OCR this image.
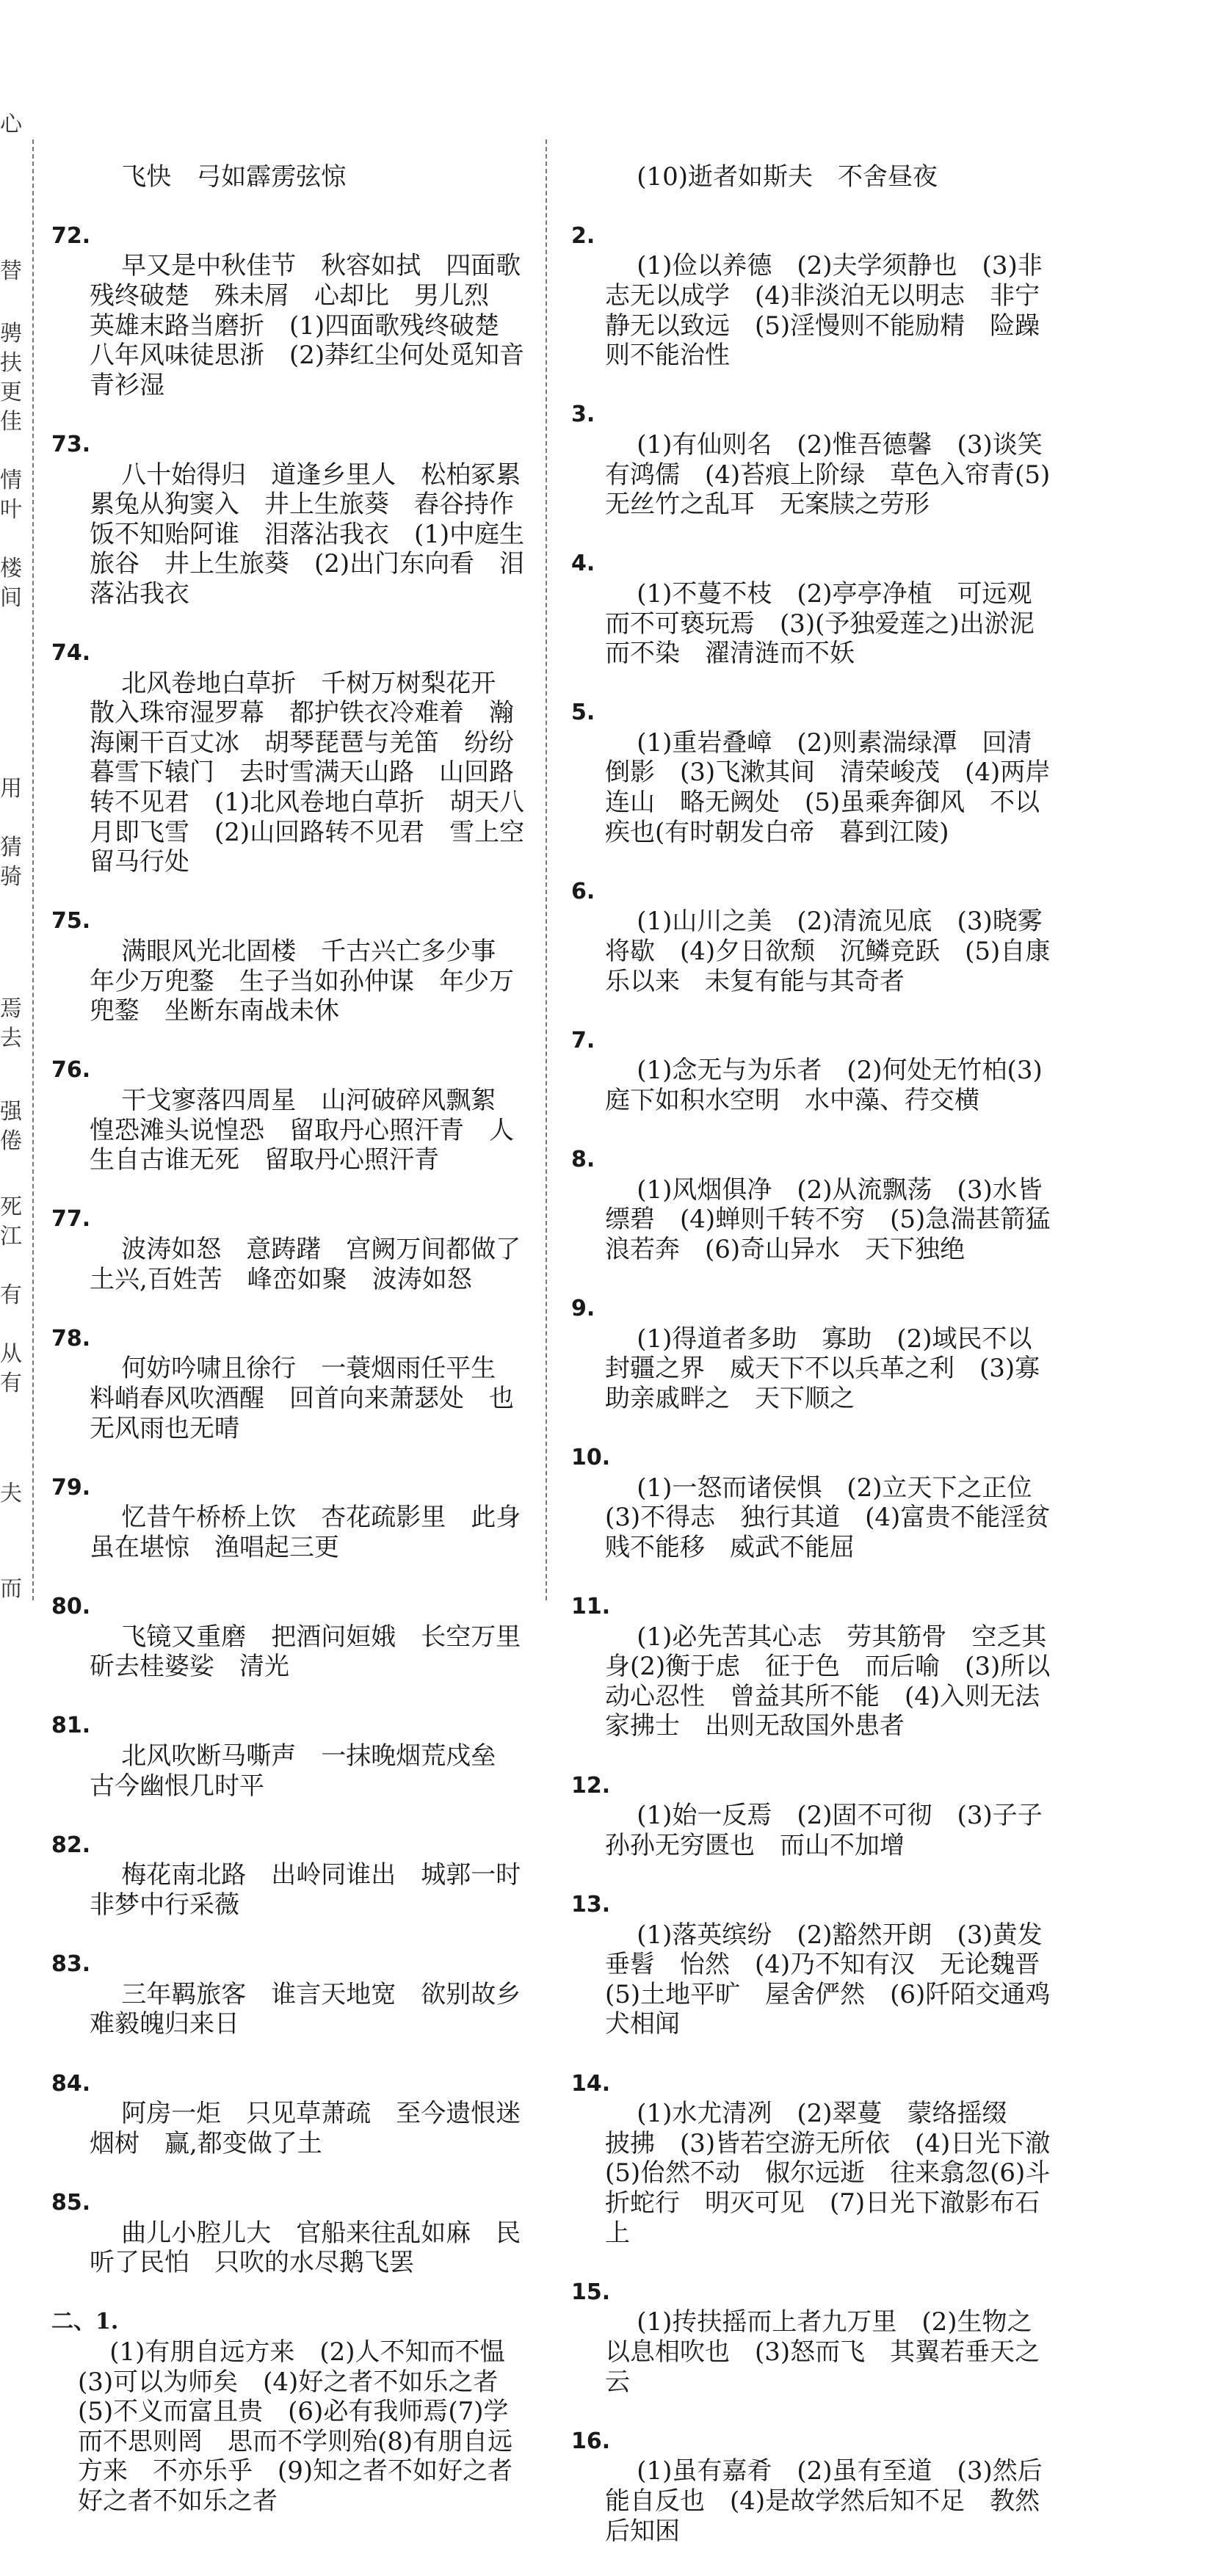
心
替
骋
扶
更
佳
情
叶
楼
间
用
猜
骑
焉
去
强
倦
死
江
有
从
有
夫
而

飞快　弓如霹雳弦惊

72.
早又是中秋佳节　秋容如拭　四面歌残终破楚　殊未屑　心却比　男儿烈　英雄末路当磨折　(1)四面歌残终破楚　八年风味徒思浙　(2)莽红尘何处觅知音青衫湿

73.
八十始得归　道逢乡里人　松柏冢累累兔从狗窦入　井上生旅葵　舂谷持作饭不知贻阿谁　泪落沾我衣　(1)中庭生旅谷　井上生旅葵　(2)出门东向看　泪落沾我衣

74.
北风卷地白草折　千树万树梨花开　散入珠帘湿罗幕　都护铁衣冷难着　瀚海阑干百丈冰　胡琴琵琶与羌笛　纷纷暮雪下辕门　去时雪满天山路　山回路转不见君　(1)北风卷地白草折　胡天八月即飞雪　(2)山回路转不见君　雪上空留马行处

75.
满眼风光北固楼　千古兴亡多少事　年少万兜鍪　生子当如孙仲谋　年少万兜鍪　坐断东南战未休

76.
干戈寥落四周星　山河破碎风飘絮　惶恐滩头说惶恐　留取丹心照汗青　人生自古谁无死　留取丹心照汗青

77.
波涛如怒　意踌躇　宫阙万间都做了土兴,百姓苦　峰峦如聚　波涛如怒

78.
何妨吟啸且徐行　一蓑烟雨任平生　料峭春风吹酒醒　回首向来萧瑟处　也无风雨也无晴

79.
忆昔午桥桥上饮　杏花疏影里　此身虽在堪惊　渔唱起三更

80.
飞镜又重磨　把酒问姮娥　长空万里斫去桂婆娑　清光

81.
北风吹断马嘶声　一抹晚烟荒戍垒　古今幽恨几时平

82.
梅花南北路　出岭同谁出　城郭一时非梦中行采薇

83.
三年羁旅客　谁言天地宽　欲别故乡难毅魄归来日

84.
阿房一炬　只见草萧疏　至今遗恨迷烟树　赢,都变做了土

85.
曲儿小腔儿大　官船来往乱如麻　民听了民怕　只吹的水尽鹅飞罢

二、1.
(1)有朋自远方来　(2)人不知而不愠(3)可以为师矣　(4)好之者不如乐之者(5)不义而富且贵　(6)必有我师焉(7)学而不思则罔　思而不学则殆(8)有朋自远方来　不亦乐乎　(9)知之者不如好之者　好之者不如乐之者

(10)逝者如斯夫　不舍昼夜

2.
(1)俭以养德　(2)夫学须静也　(3)非志无以成学　(4)非淡泊无以明志　非宁静无以致远　(5)淫慢则不能励精　险躁则不能治性

3.
(1)有仙则名　(2)惟吾德馨　(3)谈笑有鸿儒　(4)苔痕上阶绿　草色入帘青(5)无丝竹之乱耳　无案牍之劳形

4.
(1)不蔓不枝　(2)亭亭净植　可远观而不可亵玩焉　(3)(予独爱莲之)出淤泥而不染　濯清涟而不妖

5.
(1)重岩叠嶂　(2)则素湍绿潭　回清倒影　(3)飞漱其间　清荣峻茂　(4)两岸连山　略无阙处　(5)虽乘奔御风　不以疾也(有时朝发白帝　暮到江陵)

6.
(1)山川之美　(2)清流见底　(3)晓雾将歇　(4)夕日欲颓　沉鳞竞跃　(5)自康乐以来　未复有能与其奇者

7.
(1)念无与为乐者　(2)何处无竹柏(3)庭下如积水空明　水中藻、荇交横

8.
(1)风烟俱净　(2)从流飘荡　(3)水皆缥碧　(4)蝉则千转不穷　(5)急湍甚箭猛浪若奔　(6)奇山异水　天下独绝

9.
(1)得道者多助　寡助　(2)域民不以封疆之界　威天下不以兵革之利　(3)寡助亲戚畔之　天下顺之

10.
(1)一怒而诸侯惧　(2)立天下之正位(3)不得志　独行其道　(4)富贵不能淫贫贱不能移　威武不能屈

11.
(1)必先苦其心志　劳其筋骨　空乏其身(2)衡于虑　征于色　而后喻　(3)所以动心忍性　曾益其所不能　(4)入则无法家拂士　出则无敌国外患者

12.
(1)始一反焉　(2)固不可彻　(3)子子孙孙无穷匮也　而山不加增

13.
(1)落英缤纷　(2)豁然开朗　(3)黄发垂髫　怡然　(4)乃不知有汉　无论魏晋(5)土地平旷　屋舍俨然　(6)阡陌交通鸡犬相闻

14.
(1)水尤清冽　(2)翠蔓　蒙络摇缀　披拂　(3)皆若空游无所依　(4)日光下澈(5)佁然不动　俶尔远逝　往来翕忽(6)斗折蛇行　明灭可见　(7)日光下澈影布石上

15.
(1)抟扶摇而上者九万里　(2)生物之以息相吹也　(3)怒而飞　其翼若垂天之云

16.
(1)虽有嘉肴　(2)虽有至道　(3)然后能自反也　(4)是故学然后知不足　教然后知困
